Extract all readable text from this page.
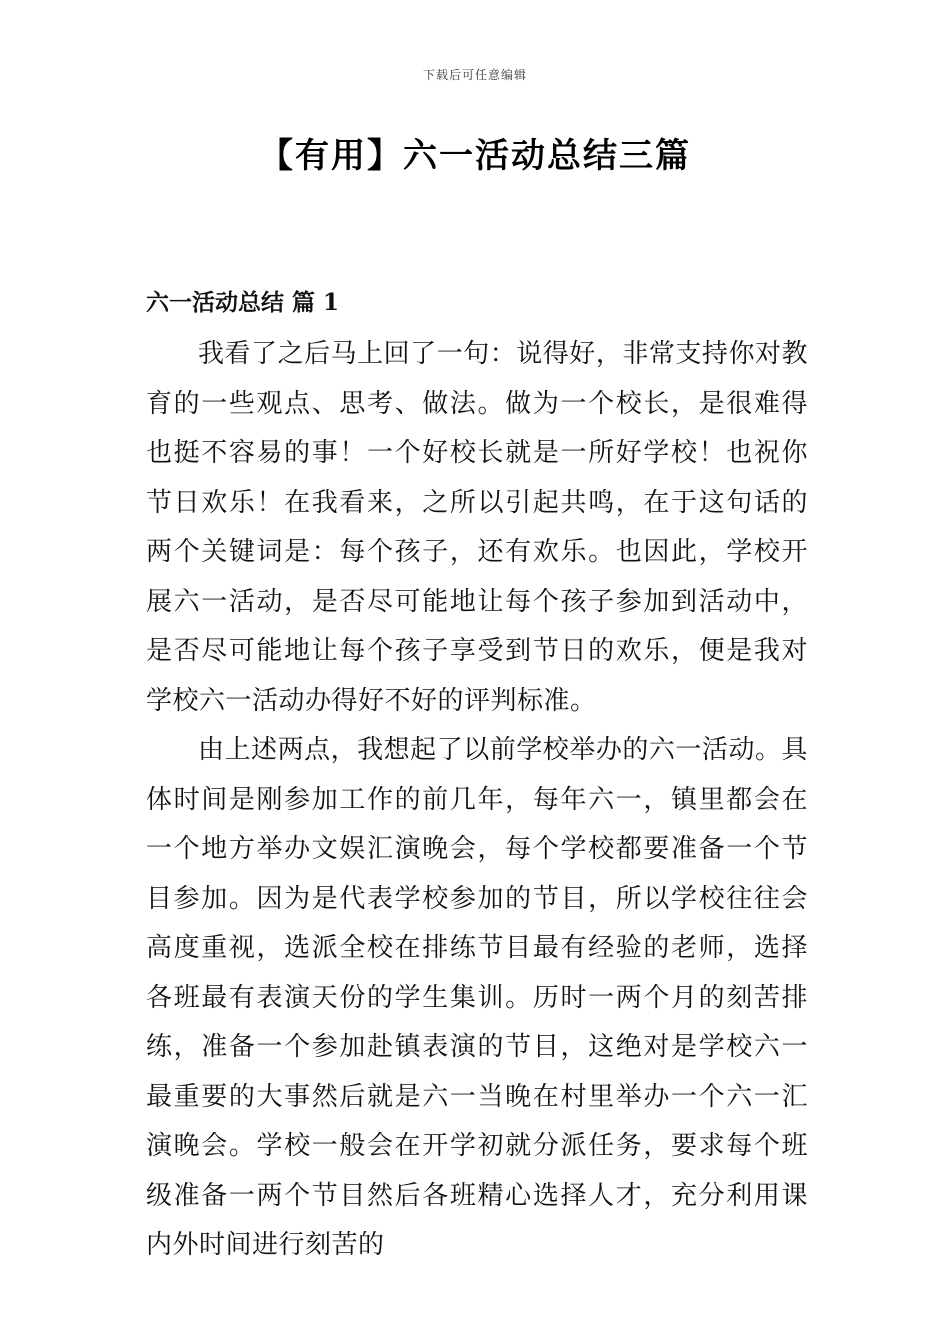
下载后可任意编辑
【有用】六一活动总结三篇
六一活动总结 篇 1

我看了之后马上回了一句：说得好，非常支持你对教育的一些观点、思考、做法。做为一个校长，是很难得也挺不容易的事！一个好校长就是一所好学校！也祝你节日欢乐！在我看来，之所以引起共鸣，在于这句话的两个关键词是：每个孩子，还有欢乐。也因此，学校开展六一活动，是否尽可能地让每个孩子参加到活动中，是否尽可能地让每个孩子享受到节日的欢乐，便是我对学校六一活动办得好不好的评判标准。

由上述两点，我想起了以前学校举办的六一活动。具体时间是刚参加工作的前几年，每年六一，镇里都会在一个地方举办文娱汇演晚会，每个学校都要准备一个节目参加。因为是代表学校参加的节目，所以学校往往会高度重视，选派全校在排练节目最有经验的老师，选择各班最有表演天份的学生集训。历时一两个月的刻苦排练，准备一个参加赴镇表演的节目，这绝对是学校六一最重要的大事然后就是六一当晚在村里举办一个六一汇演晚会。学校一般会在开学初就分派任务，要求每个班级准备一两个节目然后各班精心选择人才，充分利用课内外时间进行刻苦的
